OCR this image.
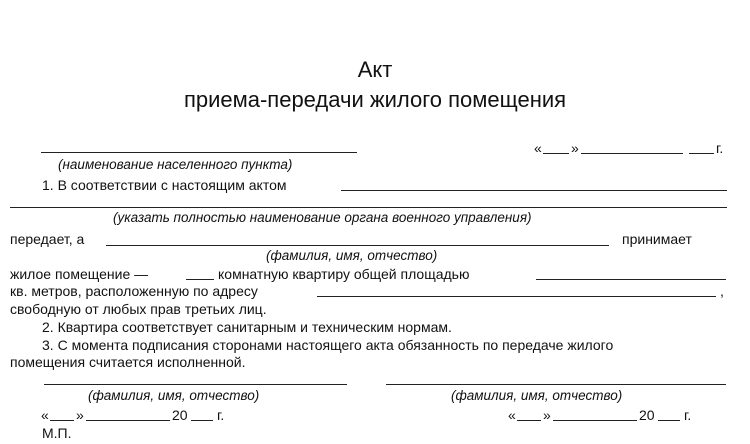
Акт
приема-передачи жилого помещения
(наименование населенного пункта)
« »	г.
1. В соответствии с настоящим актом
(указать полностью наименование органа военного управления)
передает, а	принимает
(фамилия, имя, отчество)
жилое помещение —	комнатную квартиру общей площадью
кв. метров, расположенную по адресу	,
свободную от любых прав третьих лиц.
2. Квартира соответствует санитарным и техническим нормам.
3. С момента подписания сторонами настоящего акта обязанность по передаче жилого
помещения считается исполненной.
(фамилия, имя, отчество)	(фамилия, имя, отчество)
« »	20 г.	« »	20 г.
М.П.
